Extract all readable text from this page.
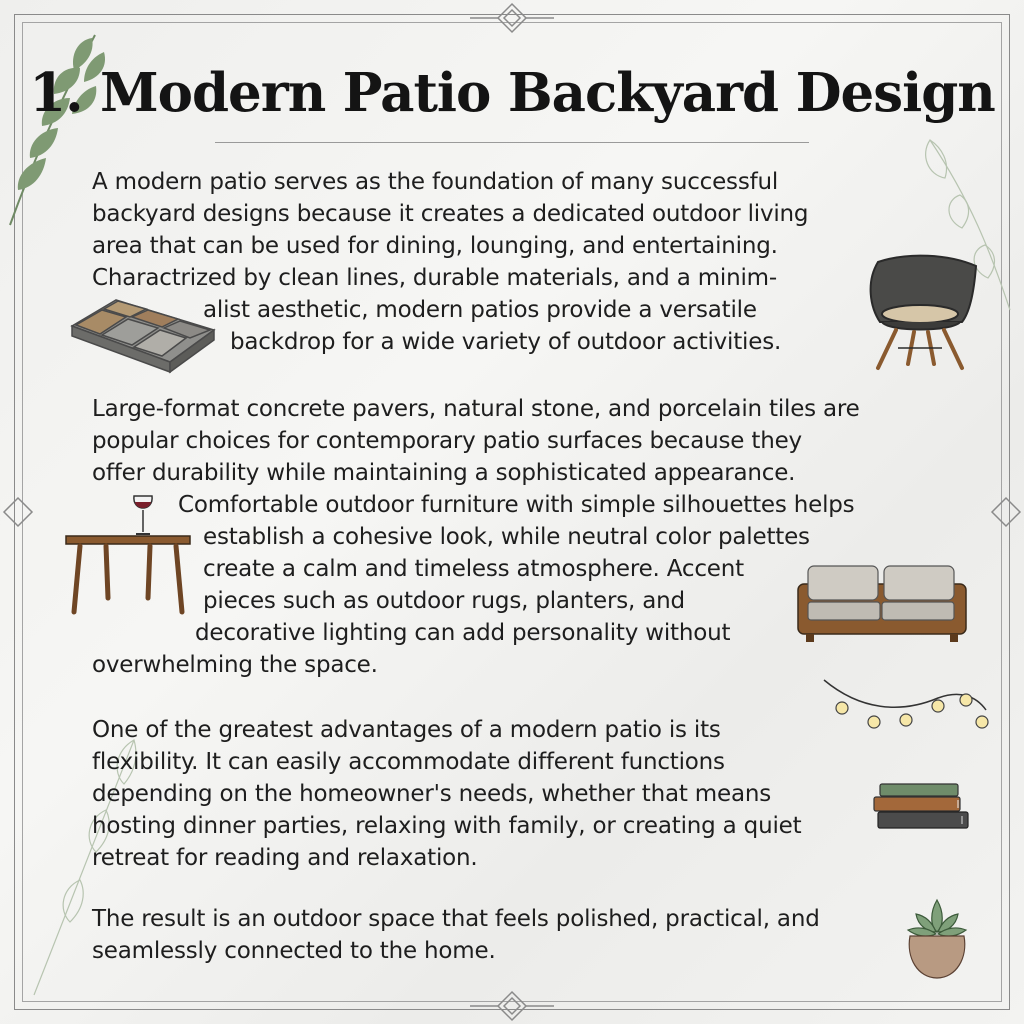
1. Modern Patio Backyard Design

A modern patio serves as the foundation of many successful

backyard designs because it creates a dedicated outdoor living

area that can be used for dining, lounging, and entertaining.

Charactrized by clean lines, durable materials, and a minim-

alist aesthetic, modern patios provide a versatile

backdrop for a wide variety of outdoor activities.

Large-format concrete pavers, natural stone, and porcelain tiles are

popular choices for contemporary patio surfaces because they

offer durability while maintaining a sophisticated appearance.

Comfortable outdoor furniture with simple silhouettes helps

establish a cohesive look, while neutral color palettes

create a calm and timeless atmosphere. Accent

pieces such as outdoor rugs, planters, and

decorative lighting can add personality without

overwhelming the space.

One of the greatest advantages of a modern patio is its

flexibility. It can easily accommodate different functions

depending on the homeowner's needs, whether that means

hosting dinner parties, relaxing with family, or creating a quiet

retreat for reading and relaxation.

The result is an outdoor space that feels polished, practical, and

seamlessly connected to the home.
